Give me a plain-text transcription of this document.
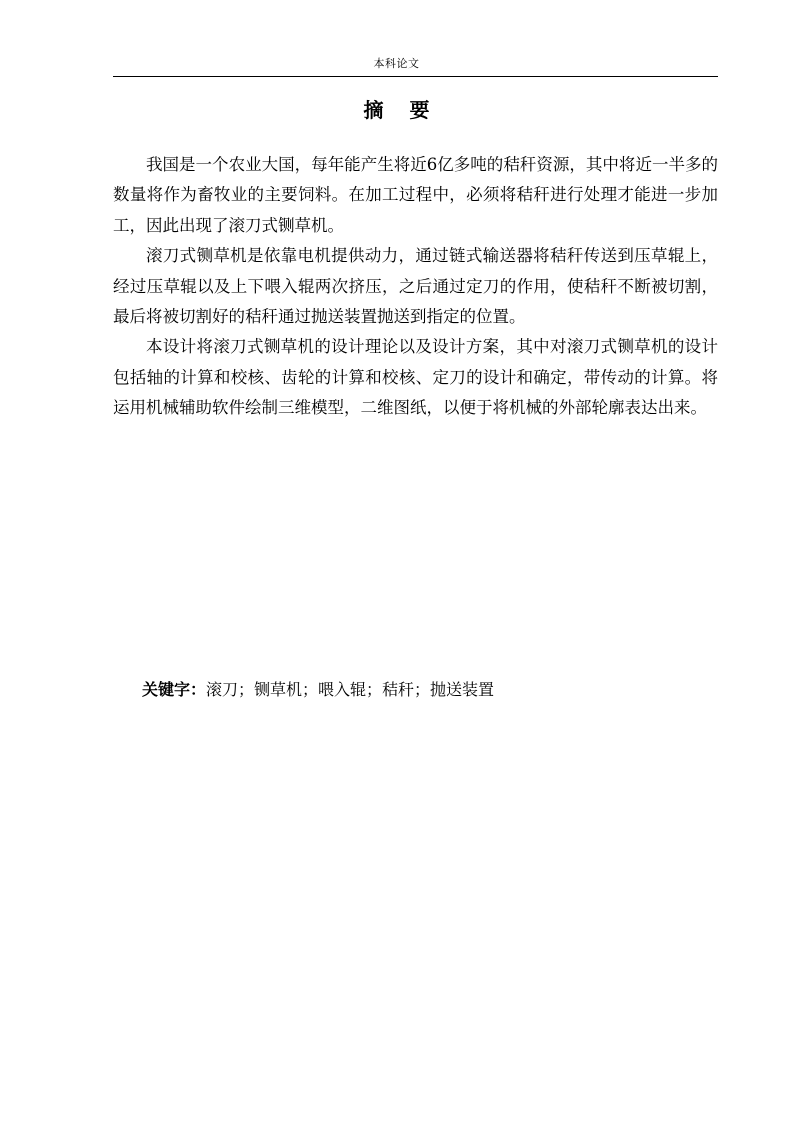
本科论文
摘要

我国是一个农业大国，每年能产生将近6亿多吨的秸秆资源，其中将近一半多的数量将作为畜牧业的主要饲料。在加工过程中，必须将秸秆进行处理才能进一步加工，因此出现了滚刀式铡草机。

滚刀式铡草机是依靠电机提供动力，通过链式输送器将秸秆传送到压草辊上，经过压草辊以及上下喂入辊两次挤压，之后通过定刀的作用，使秸秆不断被切割，最后将被切割好的秸秆通过抛送装置抛送到指定的位置。

本设计将滚刀式铡草机的设计理论以及设计方案，其中对滚刀式铡草机的设计包括轴的计算和校核、齿轮的计算和校核、定刀的设计和确定，带传动的计算。将运用机械辅助软件绘制三维模型，二维图纸，以便于将机械的外部轮廓表达出来。

关键字：滚刀；铡草机；喂入辊；秸秆；抛送装置
